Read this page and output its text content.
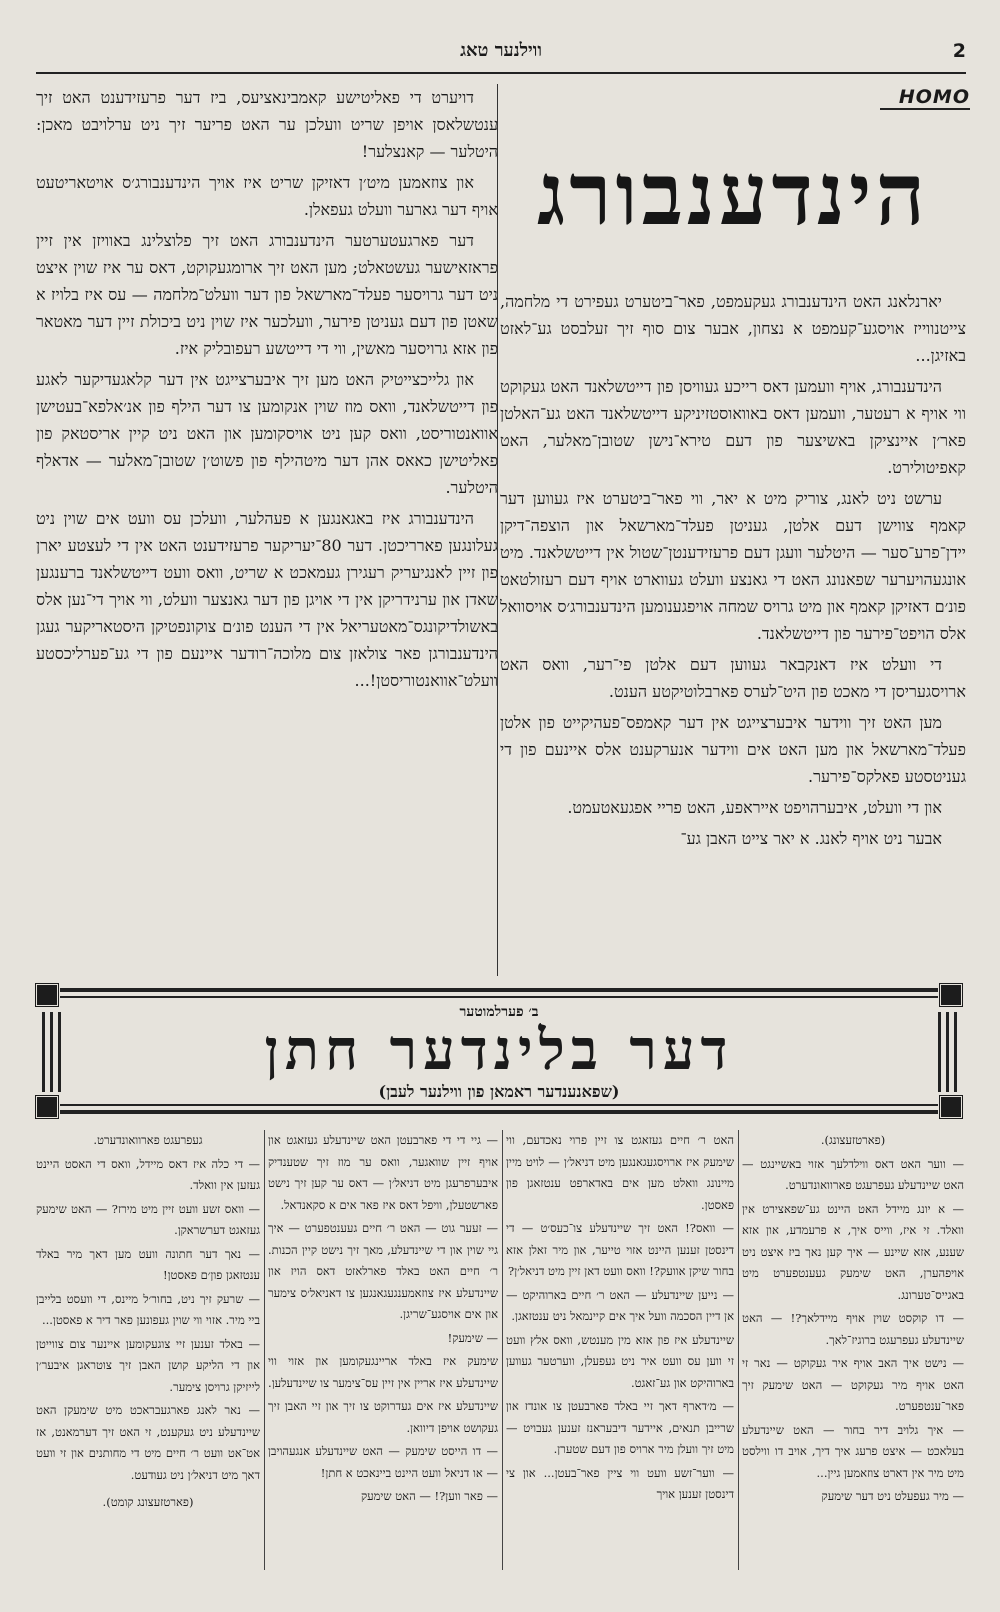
2
ווילנער טאג
HOMO
הינדענבורג

יארנלאנג האט הינדענבורג געקעמפט, פאר־ביטערט געפירט די מלחמה, צייטנווייז אויסגע־קעמפט א נצחון, אבער צום סוף זיך זעלבסט גע־לאזט באזיגן...

הינדענבורג, אויף וועמען דאס רייכע געוויסן פון דייטשלאנד האט געקוקט ווי אויף א רעטער, וועמען דאס באוואוסטזיניקע דייטשלאנד האט גע־האלטן פאר׳ן איינציקן באשיצער פון דעם טירא־נישן שטובן־מאלער, האט קאפיטולירט.

ערשט ניט לאנג, צוריק מיט א יאר, ווי פאר־ביטערט איז געווען דער קאמף צווישן דעם אלטן, געניטן פעלד־מארשאל און הוצפה־דיקן יידן־פרע־סער — היטלער וועגן דעם פרעזידענטן־שטול אין דייטשלאנד. מיט אונגעהויערער שפאנונג האט די גאנצע וועלט געווארט אויף דעם רעזולטאט פונ׳ם דאזיקן קאמף און מיט גרויס שמחה אויפגענומען הינדענבורג׳ס אויסוואל אלס הויפט־פירער פון דייטשלאנד.

די וועלט איז דאנקבאר געווען דעם אלטן פי־רער, וואס האט ארויסגעריסן די מאכט פון היט־לערס פארבלוטיקטע הענט.

מען האט זיך ווידער איבערצייגט אין דער קאמפס־פעהיקייט פון אלטן פעלד־מארשאל און מען האט אים ווידער אנערקענט אלס איינעם פון די געניטסטע פאלקס־פירער.

און די וועלט, איבערהויפט אייראפע, האט פריי אפגעאטעמט.

אבער ניט אויף לאנג. א יאר צייט האבן גע־

דויערט די פאליטישע קאמבינאציעס, ביז דער פרעזידענט האט זיך ענטשלאסן אויפן שריט וועלכן ער האט פריער זיך ניט ערלויבט מאכן: היטלער — קאנצלער!

און צוזאמען מיט׳ן דאזיקן שריט איז אויך הינדענבורג׳ס אויטאריטעט אויף דער גארער וועלט געפאלן.

דער פארגעטערטער הינדענבורג האט זיך פלוצלינג באוויזן אין זיין פראזאישער געשטאלט; מען האט זיך ארומגעקוקט, דאס ער איז שוין איצט ניט דער גרויסער פעלד־מארשאל פון דער וועלט־מלחמה — עס איז בלויז א שאטן פון דעם געניטן פירער, וועלכער איז שוין ניט ביכולת זיין דער מאטאר פון אזא גרויסער מאשין, ווי די דייטשע רעפובליק איז.

און גלייכצייטיק האט מען זיך איבערצייגט אין דער קלאגעדיקער לאגע פון דייטשלאנד, וואס מוז שוין אנקומען צו דער הילף פון אנ׳אלפא־בעטישן אוואנטוריסט, וואס קען ניט אויסקומען און האט ניט קיין אריסטאק פון פאליטישן כאאס אהן דער מיטהילף פון פשוט׳ן שטובן־מאלער — אדאלף היטלער.

הינדענבורג איז באגאנגען א פעהלער, וועלכן עס וועט אים שוין ניט געלונגען פארריכטן. דער 80־יעריקער פרעזידענט האט אין די לעצטע יארן פון זיין לאנגיעריק רעגירן געמאכט א שריט, וואס וועט דייטשלאנד ברענגען שאדן און ערנידריקן אין די אויגן פון דער גאנצער וועלט, ווי אויך די־נען אלס באשולדיקונגס־מאטעריאל אין די הענט פונ׳ם צוקונפטיקן היסטאריקער געגן הינדענבורגן פאר צולאזן צום מלוכה־רודער איינעם פון די גע־פערליכסטע וועלט־אוואנטוריסטן!...

ב׳ פערלמוטער
דער בלינדער חתן
(שפאנענדער ראמאן פון ווילנער לעבן)

(פארטזעצונג).

— ווער האט דאס ווילדלעך אזוי באשיינגט — האט שיינדעלע געפרעגט פארוואונדערט.

— א יונג מיידל האט היינט גע־שפאצירט אין וואלד. זי איז, ווייס איך, א פרעמדע, און אזא שענע, אזא שיינע — איך קען נאך ביז איצט ניט אויפהערן, האט שימעק געענטפערט מיט באגייס־טערונג.

— דו קוקסט שוין אויף מיידלאך?! — האט שיינדעלע געפרעגט ברוגיז־לאך.

— נישט איך האב אויף איר געקוקט — נאר זי האט אויף מיר געקוקט — האט שימעק זיך פאר־ענטפערט.

— איך גלויב דיר בחור — האט שיינדעלע בעלאכט — איצט פרעג איך דיך, אויב דו ווילסט מיט מיר אין דארט צוזאמען גיין...

— מיר געפעלט ניט דער שימעק

האט ר׳ חיים געזאגט צו זיין פרוי נאכדעם, ווי שימעק איז ארויסגעגאנגען מיט דניאל׳ן — לויט מיין מיינונג וואלט מען אים באדארפט ענטזאגן פון פאסטן.

— וואס?! האט זיך שיינדעלע צו־כעס׳ט — די דינסטן זענען היינט אזוי טייער, און מיר זאלן אזא בחור שיקן אוועק?! וואס וועט דאן זיין מיט דניאל׳ן?

— נייען שיינדעלע — האט ר׳ חיים בארוהיקט — אן דיין הסכמה וועל איך אים קיינמאל ניט ענטזאגן.

שיינדעלע איז פון אזא מין מענטש, וואס אלץ וועט זי ווען עס וועט איר ניט געפעלן, ווערטער געווען בארוהיקט און גע־זאגט.

— מ׳דארף דאך זיי באלד פארבעטן צו אונדז און שרייבן תנאים, איידער דיבעראנז זענען געבויט — מיט זיך וועלן מיר ארויס פון דעם שטערן.

— ווער־זשע וועט ווי ציין פאר־בעטן... און צי דינסטן זענען אויך

— גיי די די פארבעטן האט שיינדעלע געזאגט און אויף זיין שוואגער, וואס ער מוז זיך שטענדיק איבערפרעגן מיט דניאל׳ן — דאס ער קען זיך נישט פארשטעלן, וויפל דאס איז פאר אים א סקאנדאל.

— זעער גוט — האט ר׳ חיים געענטפערט — איך גיי שוין און די שיינדעלע, מאך זיך נישט קיין הכנות. ר׳ חיים האט באלד פארלאזט דאס הויז און שיינדעלע איז צוזאמענגעגאנגען צו דאניאל׳ס צימער און אים אויסגע־שריגן.

— שימעק!

שימעק איז באלד אריינגעקומען און אזוי ווי שיינדעלע איז אריין אין זיין עס־צימער צו שיינדעלען.

שיינדעלע איז אים געדרוקט צו זיך און זיי האבן זיך געקושט אויפן דיוואן.

— דו הייסט שימעק — האט שיינדעלע אנגעהויבן — או דניאל וועט היינט ביינאכט א חתן!

— פאר ווען?! — האט שימעק

געפרעגט פארוואונדערט.

— די כלה איז דאס מיידל, וואס די האסט היינט געזען אין וואלד.

— וואס זשע וועט זיין מיט מירז? — האט שימעק געזאגט דערשראקן.

— נאך דער חתונה וועט מען דאך מיר באלד ענטזאגן פון׳ם פאסטן!

— שרעק זיך ניט, בחור׳ל מיינס, די וועסט בלייבן ביי מיר. אזוי ווי שוין געפונען פאר דיר א פאסטן...

— באלד זענען זיי צוגעקומען איינער צום צווייטן און די הליקע קושן האבן זיך צוטראגן איבער׳ן לייזיקן גרויסן צימער.

— נאר לאנג פארגעבראכט מיט שימעקן האט שיינדעלע ניט געקענט, זי האט זיך דערמאנט, אז אט־אט וועט ר׳ חיים מיט די מחותנים און זי וועט דאך מיט דניאל׳ן ניט געודעט.

(פארטזעצונג קומט).
